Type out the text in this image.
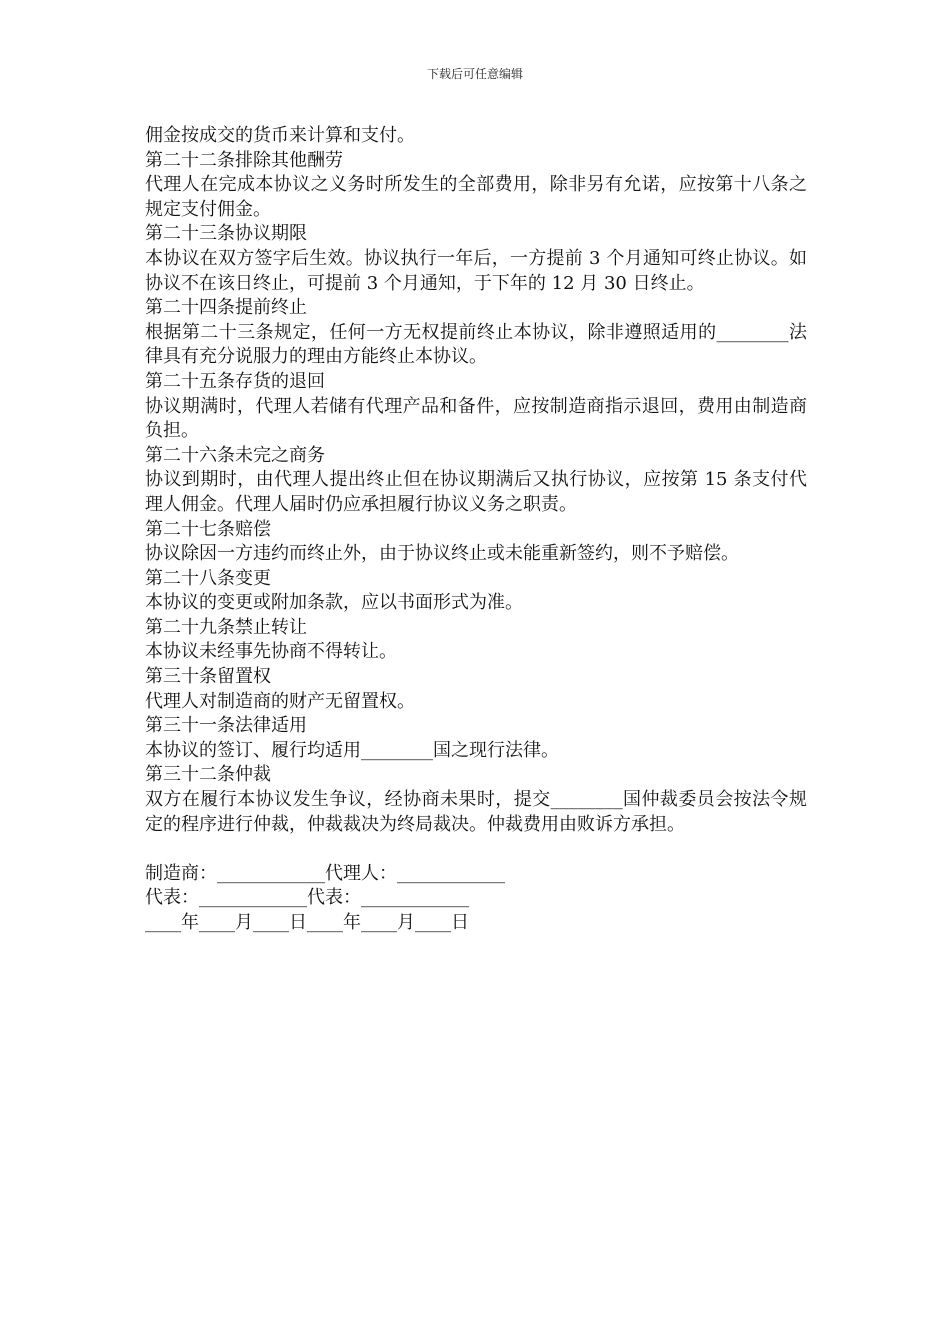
下载后可任意编辑

佣金按成交的货币来计算和支付。

第二十二条排除其他酬劳

代理人在完成本协议之义务时所发生的全部费用，除非另有允诺，应按第十八条之规定支付佣金。

第二十三条协议期限

本协议在双方签字后生效。协议执行一年后，一方提前 3 个月通知可终止协议。如协议不在该日终止，可提前 3 个月通知，于下年的 12 月 30 日终止。

第二十四条提前终止

根据第二十三条规定，任何一方无权提前终止本协议，除非遵照适用的________法律具有充分说服力的理由方能终止本协议。

第二十五条存货的退回

协议期满时，代理人若储有代理产品和备件，应按制造商指示退回，费用由制造商负担。

第二十六条未完之商务

协议到期时，由代理人提出终止但在协议期满后又执行协议，应按第 15 条支付代理人佣金。代理人届时仍应承担履行协议义务之职责。

第二十七条赔偿

协议除因一方违约而终止外，由于协议终止或未能重新签约，则不予赔偿。

第二十八条变更

本协议的变更或附加条款，应以书面形式为准。

第二十九条禁止转让

本协议未经事先协商不得转让。

第三十条留置权

代理人对制造商的财产无留置权。

第三十一条法律适用

本协议的签订、履行均适用________国之现行法律。

第三十二条仲裁

双方在履行本协议发生争议，经协商未果时，提交________国仲裁委员会按法令规定的程序进行仲裁，仲裁裁决为终局裁决。仲裁费用由败诉方承担。

制造商：____________代理人：____________

代表：____________代表：____________

____年____月____日____年____月____日
